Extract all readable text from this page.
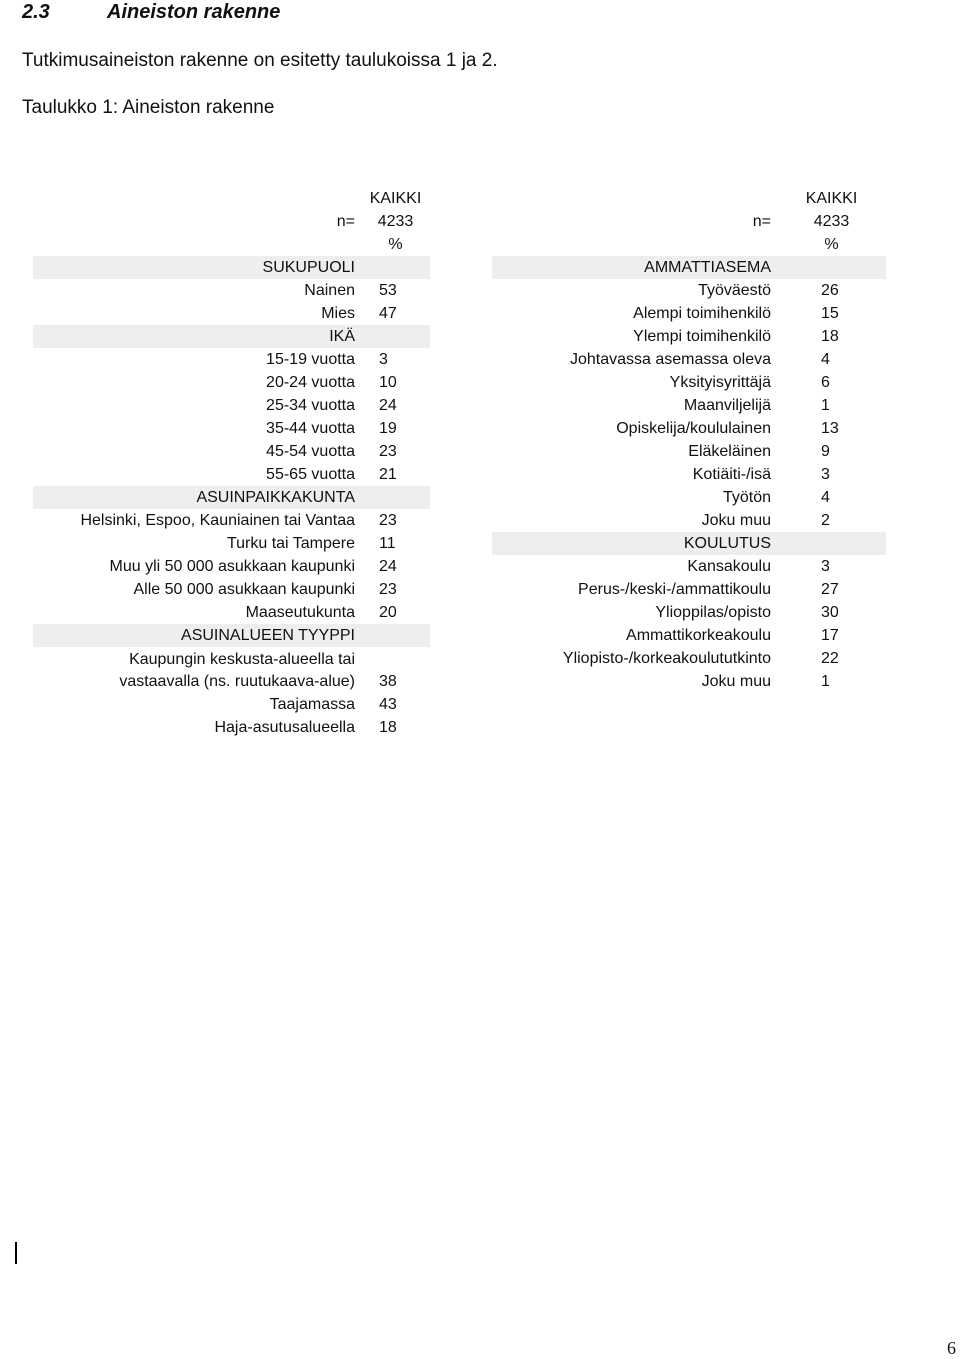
2.3	Aineiston rakenne
Tutkimusaineiston rakenne on esitetty taulukoissa 1 ja 2.
Taulukko 1: Aineiston rakenne
	KAIKKI
n=	4233
	%
SUKUPUOLI	
Nainen	53
Mies	47
IKÄ	
15-19 vuotta	3
20-24 vuotta	10
25-34 vuotta	24
35-44 vuotta	19
45-54 vuotta	23
55-65 vuotta	21
ASUINPAIKKAKUNTA	
Helsinki, Espoo, Kauniainen tai Vantaa	23
Turku tai Tampere	11
Muu yli 50 000 asukkaan kaupunki	24
Alle 50 000 asukkaan kaupunki	23
Maaseutukunta	20
ASUINALUEEN TYYPPI	

Kaupungin keskusta-alueella tai
vastaavalla (ns. ruutukaava-alue)	38
Taajamassa	43
Haja-asutusalueella	18
	KAIKKI
n=	4233
	%
AMMATTIASEMA	
Työväestö	26
Alempi toimihenkilö	15
Ylempi toimihenkilö	18
Johtavassa asemassa oleva	4
Yksityisyrittäjä	6
Maanviljelijä	1
Opiskelija/koululainen	13
Eläkeläinen	9
Kotiäiti-/isä	3
Työtön	4
Joku muu	2
KOULUTUS	
Kansakoulu	3
Perus-/keski-/ammattikoulu	27
Ylioppilas/opisto	30
Ammattikorkeakoulu	17
Yliopisto-/korkeakoulututkinto	22
Joku muu	1
6
